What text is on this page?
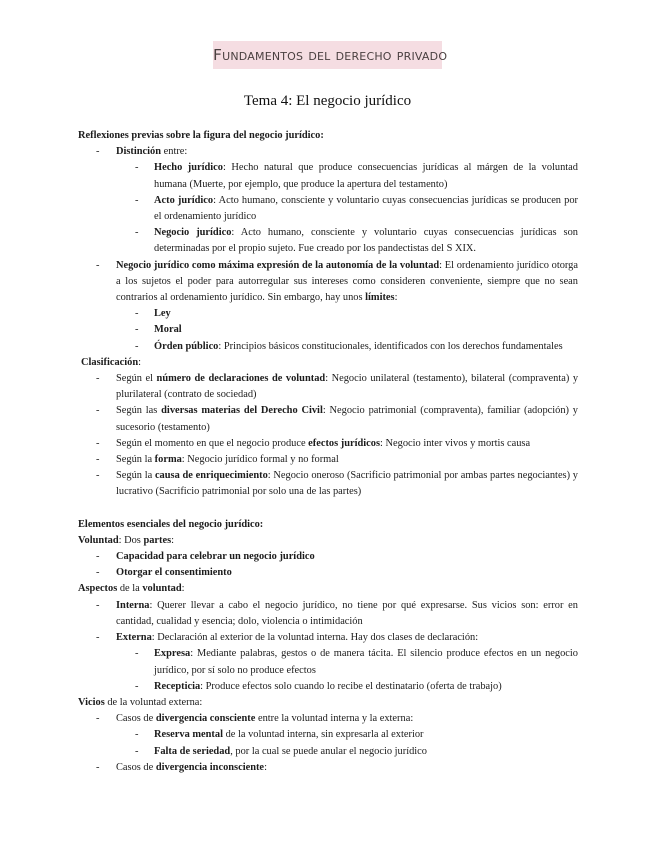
Fundamentos del derecho privado
Tema 4: El negocio jurídico
Reflexiones previas sobre la figura del negocio jurídico:
- Distinción entre:
- Hecho jurídico: Hecho natural que produce consecuencias jurídicas al márgen de la voluntad humana (Muerte, por ejemplo, que produce la apertura del testamento)
- Acto jurídico: Acto humano, consciente y voluntario cuyas consecuencias jurídicas se producen por el ordenamiento jurídico
- Negocio jurídico: Acto humano, consciente y voluntario cuyas consecuencias jurídicas son determinadas por el propio sujeto. Fue creado por los pandectistas del S XIX.
- Negocio jurídico como máxima expresión de la autonomía de la voluntad: El ordenamiento jurídico otorga a los sujetos el poder para autorregular sus intereses como consideren conveniente, siempre que no sean contrarios al ordenamiento jurídico. Sin embargo, hay unos límites:
- Ley
- Moral
- Órden público: Principios básicos constitucionales, identificados con los derechos fundamentales
Clasificación:
- Según el número de declaraciones de voluntad: Negocio unilateral (testamento), bilateral (compraventa) y plurilateral (contrato de sociedad)
- Según las diversas materias del Derecho Civil: Negocio patrimonial (compraventa), familiar (adopción) y sucesorio (testamento)
- Según el momento en que el negocio produce efectos jurídicos: Negocio inter vivos y mortis causa
- Según la forma: Negocio jurídico formal y no formal
- Según la causa de enriquecimiento: Negocio oneroso (Sacrificio patrimonial por ambas partes negociantes) y lucrativo (Sacrificio patrimonial por solo una de las partes)
Elementos esenciales del negocio jurídico:
Voluntad: Dos partes:
- Capacidad para celebrar un negocio jurídico
- Otorgar el consentimiento
Aspectos de la voluntad:
- Interna: Querer llevar a cabo el negocio jurídico, no tiene por qué expresarse. Sus vicios son: error en cantidad, cualidad y esencia; dolo, violencia o intimidación
- Externa: Declaración al exterior de la voluntad interna. Hay dos clases de declaración:
- Expresa: Mediante palabras, gestos o de manera tácita. El silencio produce efectos en un negocio jurídico, por sí solo no produce efectos
- Recepticia: Produce efectos solo cuando lo recibe el destinatario (oferta de trabajo)
Vicios de la voluntad externa:
- Casos de divergencia consciente entre la voluntad interna y la externa:
- Reserva mental de la voluntad interna, sin expresarla al exterior
- Falta de seriedad, por la cual se puede anular el negocio jurídico
- Casos de divergencia inconsciente:
